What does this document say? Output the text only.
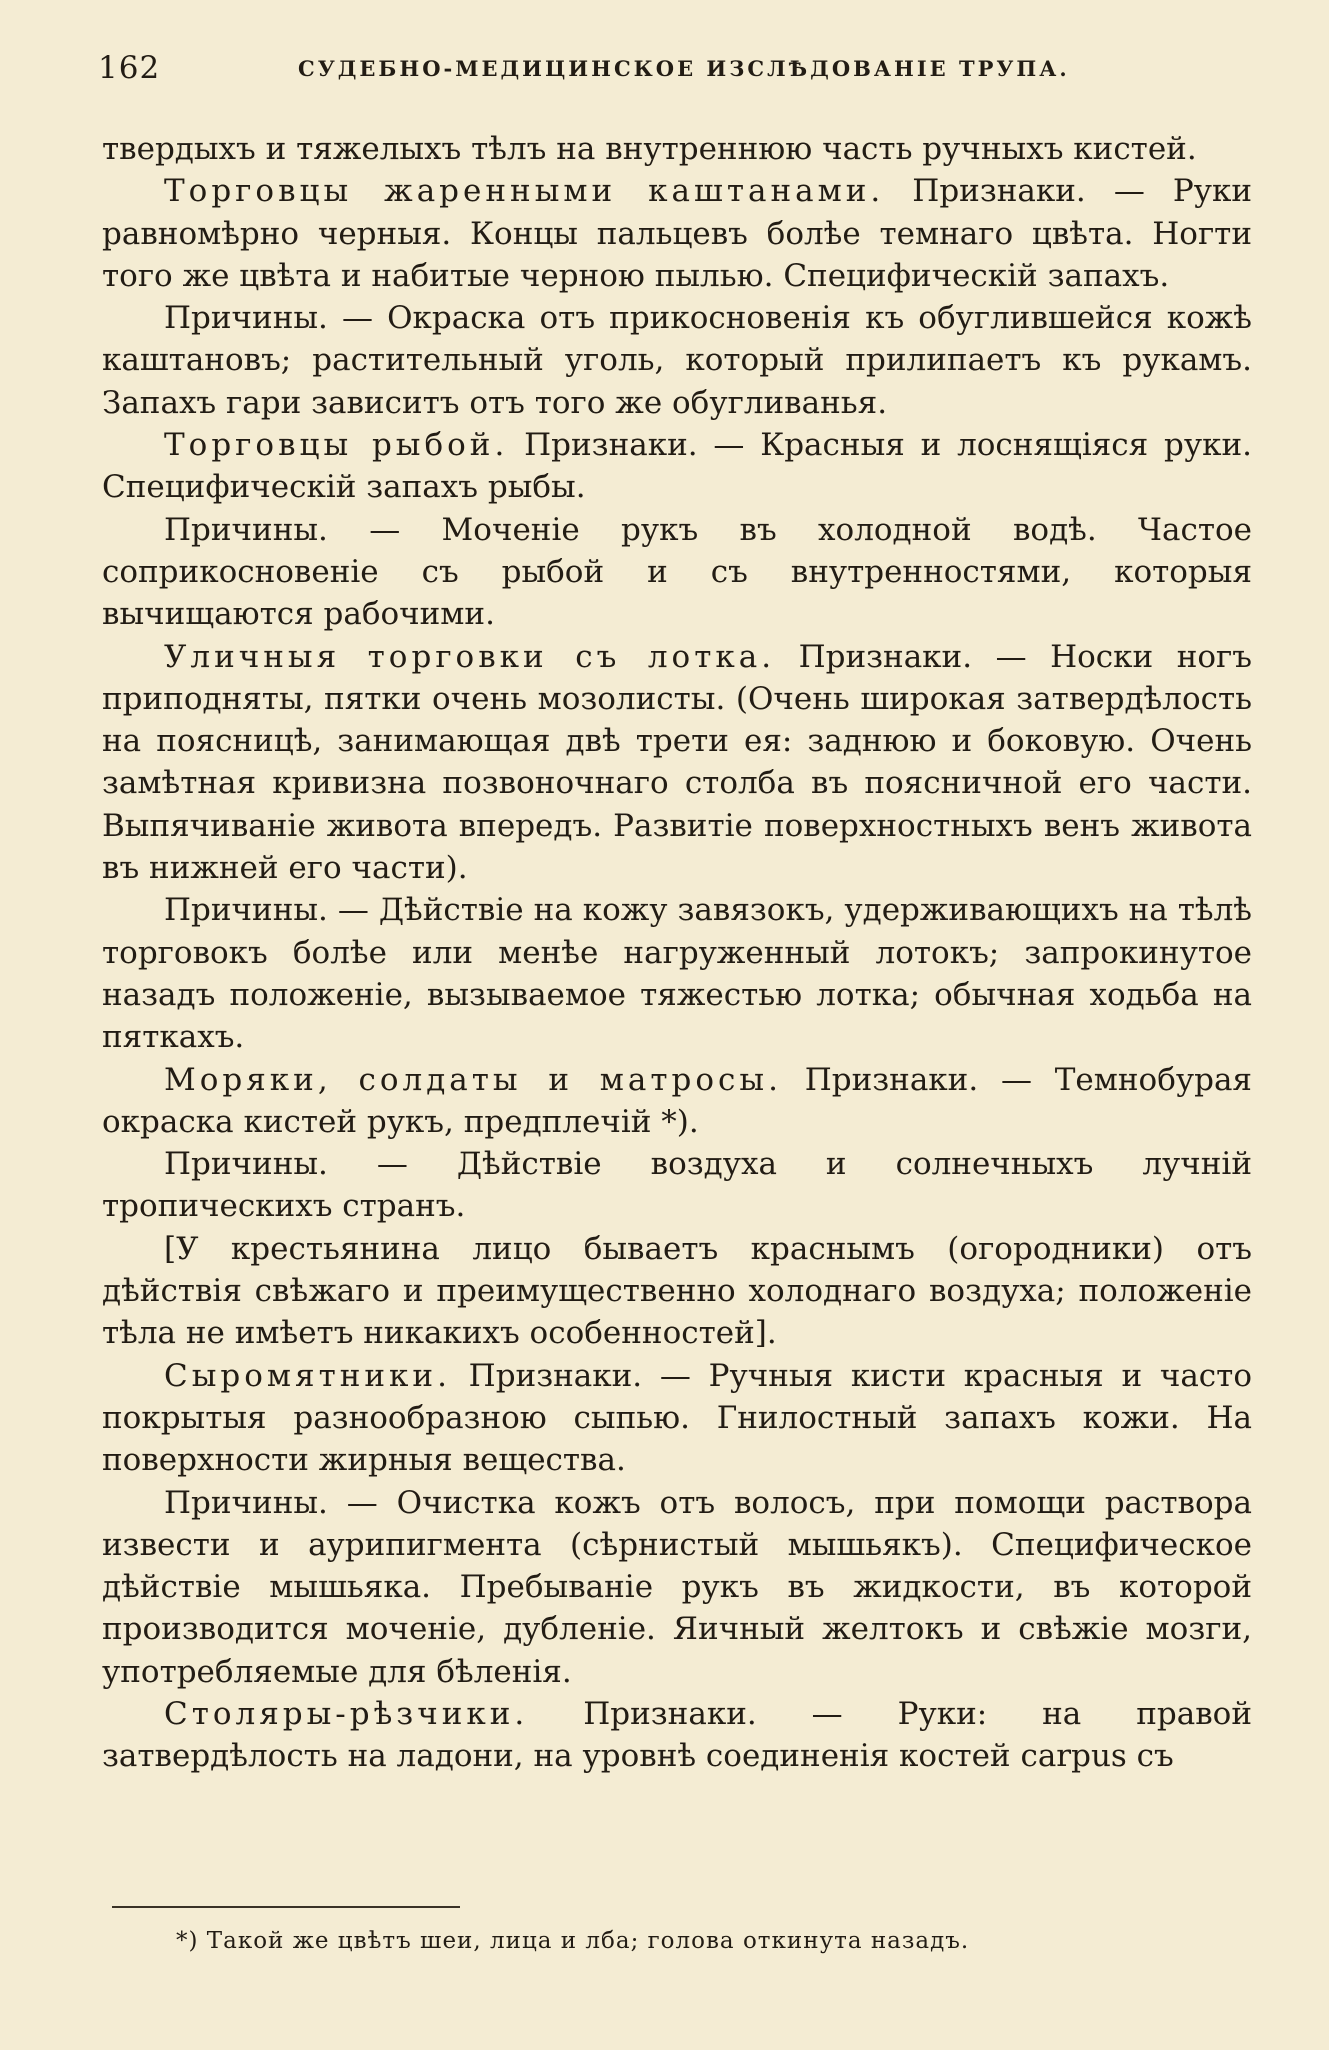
162	СУДЕБНО-МЕДИЦИНСКОЕ ИЗСЛѢДОВАНІЕ ТРУПА.

твердыхъ и тяжелыхъ тѣлъ на внутреннюю часть ручныхъ кистей.

Торговцы жаренными каштанами. Признаки. — Руки равномѣрно черныя. Концы пальцевъ болѣе темнаго цвѣта. Ногти того же цвѣта и набитые черною пылью. Специфическій запахъ.

Причины. — Окраска отъ прикосновенія къ обуглившейся кожѣ каштановъ; растительный уголь, который прилипаетъ къ рукамъ. Запахъ гари зависитъ отъ того же обугливанья.

Торговцы рыбой. Признаки. — Красныя и лоснящіяся руки. Специфическій запахъ рыбы.

Причины. — Моченіе рукъ въ холодной водѣ. Частое соприкосновеніе съ рыбой и съ внутренностями, которыя вычищаются рабочими.

Уличныя торговки съ лотка. Признаки. — Носки ногъ приподняты, пятки очень мозолисты. (Очень широкая затвердѣлость на поясницѣ, занимающая двѣ трети ея: заднюю и боковую. Очень замѣтная кривизна позвоночнаго столба въ поясничной его части. Выпячиваніе живота впередъ. Развитіе поверхностныхъ венъ живота въ нижней его части).

Причины. — Дѣйствіе на кожу завязокъ, удерживающихъ на тѣлѣ торговокъ болѣе или менѣе нагруженный лотокъ; запрокинутое назадъ положеніе, вызываемое тяжестью лотка; обычная ходьба на пяткахъ.

Моряки, солдаты и матросы. Признаки. — Темнобурая окраска кистей рукъ, предплечій *).

Причины. — Дѣйствіе воздуха и солнечныхъ лучній тропическихъ странъ.

[У крестьянина лицо бываетъ краснымъ (огородники) отъ дѣйствія свѣжаго и преимущественно холоднаго воздуха; положеніе тѣла не имѣетъ никакихъ особенностей].

Сыромятники. Признаки. — Ручныя кисти красныя и часто покрытыя разнообразною сыпью. Гнилостный запахъ кожи. На поверхности жирныя вещества.

Причины. — Очистка кожъ отъ волосъ, при помощи раствора извести и аурипигмента (сѣрнистый мышьякъ). Специфическое дѣйствіе мышьяка. Пребываніе рукъ въ жидкости, въ которой производится моченіе, дубленіе. Яичный желтокъ и свѣжіе мозги, употребляемые для бѣленія.

Столяры-рѣзчики. Признаки. — Руки: на правой затвердѣлость на ладони, на уровнѣ соединенія костей carpus съ

*) Такой же цвѣтъ шеи, лица и лба; голова откинута назадъ.
